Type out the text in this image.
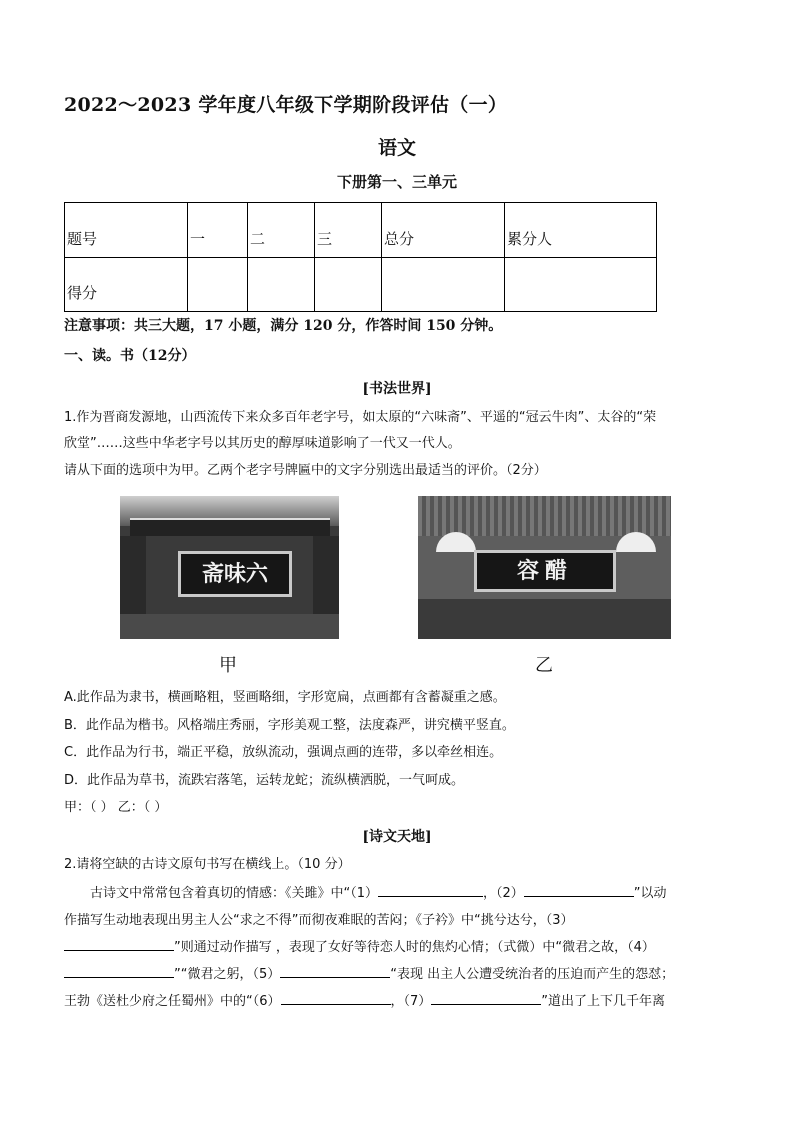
2022～2023 学年度八年级下学期阶段评估（一）
语文
下册第一、三单元
题号	一	二	三	总分	累分人
得分					
注意事项：共三大题，17 小题，满分 120 分，作答时间 150 分钟。
一、读。书（12分）
[书法世界]
1.作为晋商发源地，山西流传下来众多百年老字号，如太原的“六味斋”、平遥的“冠云牛肉”、太谷的“荣
欣堂”……这些中华老字号以其历史的醇厚味道影响了一代又一代人。
请从下面的选项中为甲。乙两个老字号牌匾中的文字分别选出最适当的评价。（2分）
斋味六
甲
容醋
乙
A.此作品为隶书，横画略粗，竖画略细，字形宽扁，点画都有含蓄凝重之感。
B．此作品为楷书。风格端庄秀丽，字形美观工整，法度森严，讲究横平竖直。
C．此作品为行书，端正平稳，放纵流动，强调点画的连带，多以牵丝相连。
D．此作品为草书，流跌宕落笔，运转龙蛇；流纵横洒脱，一气呵成。
甲：（ ） 乙：（ ）
[诗文天地]
2.请将空缺的古诗文原句书写在横线上。（10 分）
古诗文中常常包含着真切的情感：《关雎》中“（1）	，（2）	”以动
作描写生动地表现出男主人公“求之不得”而彻夜难眠的苦闷；《子衿》中“挑兮达兮，（3）
”则通过动作描写 ，表现了女好等待恋人时的焦灼心情；（式微）中“微君之故，（4）
”“微君之躬，（5）	“表现 出主人公遭受统治者的压迫而产生的怨怼；
王勃《送杜少府之任蜀州》中的“（6）	，（7）	”道出了上下几千年离
